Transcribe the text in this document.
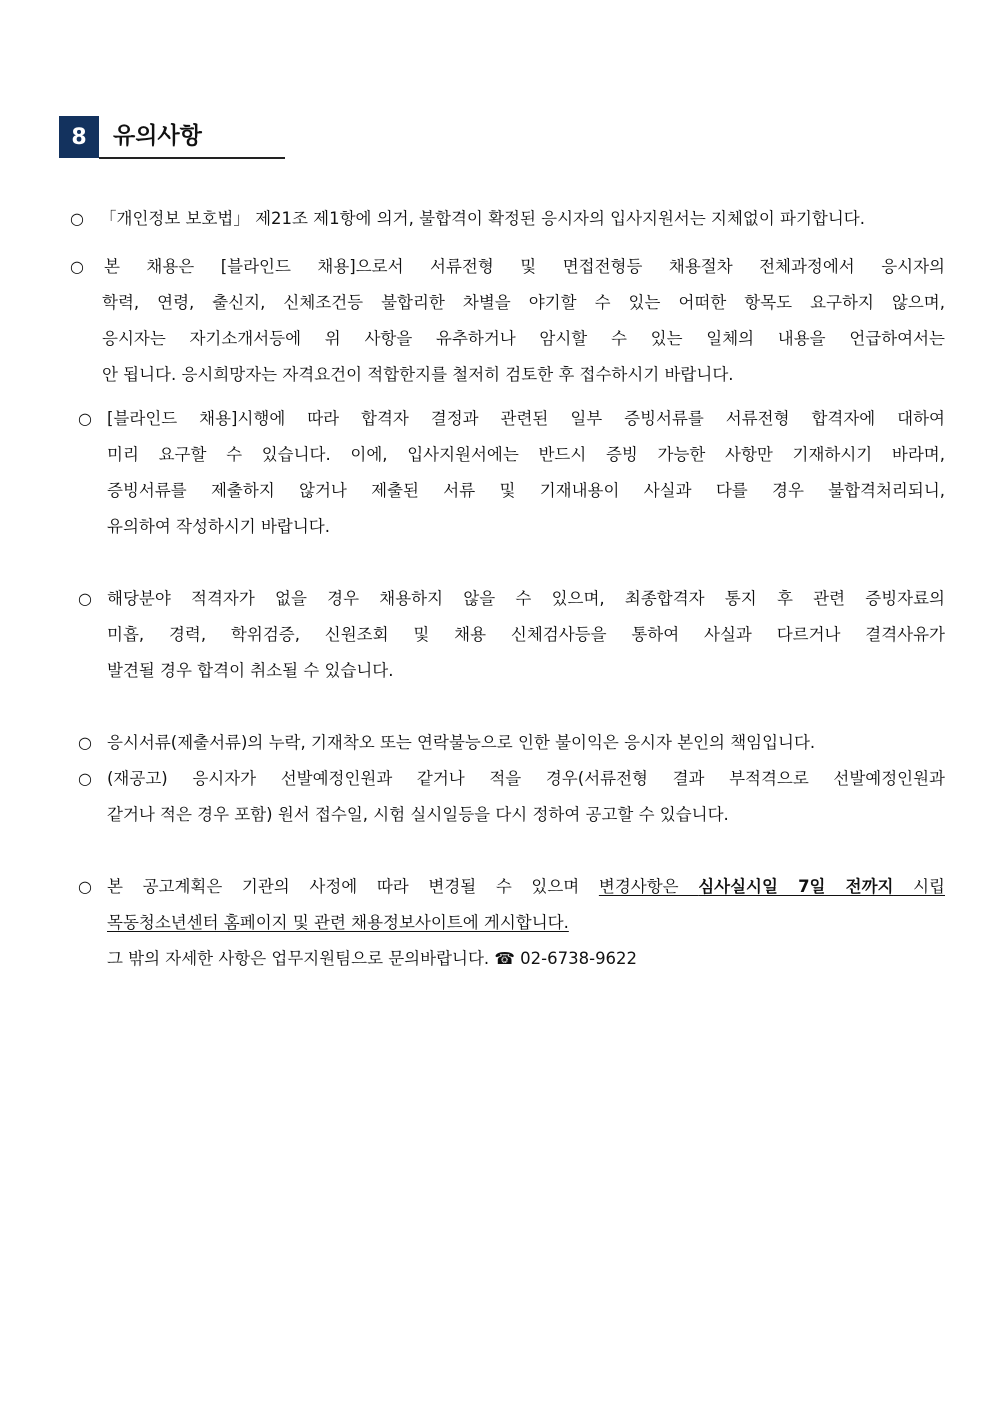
8	유의사항
○ 「개인정보 보호법」 제21조 제1항에 의거, 불합격이 확정된 응시자의 입사지원서는 지체없이 파기합니다.
○ 본 채용은 [블라인드 채용]으로서 서류전형 및 면접전형등 채용절차 전체과정에서 응시자의
학력, 연령, 출신지, 신체조건등 불합리한 차별을 야기할 수 있는 어떠한 항목도 요구하지 않으며,
응시자는 자기소개서등에 위 사항을 유추하거나 암시할 수 있는 일체의 내용을 언급하여서는
안 됩니다. 응시희망자는 자격요건이 적합한지를 철저히 검토한 후 접수하시기 바랍니다.
○ [블라인드 채용]시행에 따라 합격자 결정과 관련된 일부 증빙서류를 서류전형 합격자에 대하여
미리 요구할 수 있습니다. 이에, 입사지원서에는 반드시 증빙 가능한 사항만 기재하시기 바라며,
증빙서류를 제출하지 않거나 제출된 서류 및 기재내용이 사실과 다를 경우 불합격처리되니,
유의하여 작성하시기 바랍니다.
○ 해당분야 적격자가 없을 경우 채용하지 않을 수 있으며, 최종합격자 통지 후 관련 증빙자료의
미흡, 경력, 학위검증, 신원조회 및 채용 신체검사등을 통하여 사실과 다르거나 결격사유가
발견될 경우 합격이 취소될 수 있습니다.
○ 응시서류(제출서류)의 누락, 기재착오 또는 연락불능으로 인한 불이익은 응시자 본인의 책임입니다.
○ (재공고) 응시자가 선발예정인원과 같거나 적을 경우(서류전형 결과 부적격으로 선발예정인원과
같거나 적은 경우 포함) 원서 접수일, 시험 실시일등을 다시 정하여 공고할 수 있습니다.
○ 본 공고계획은 기관의 사정에 따라 변경될 수 있으며 변경사항은 심사실시일 7일 전까지 시립
목동청소년센터 홈페이지 및 관련 채용정보사이트에 게시합니다.
그 밖의 자세한 사항은 업무지원팀으로 문의바랍니다. ☎ 02-6738-9622
